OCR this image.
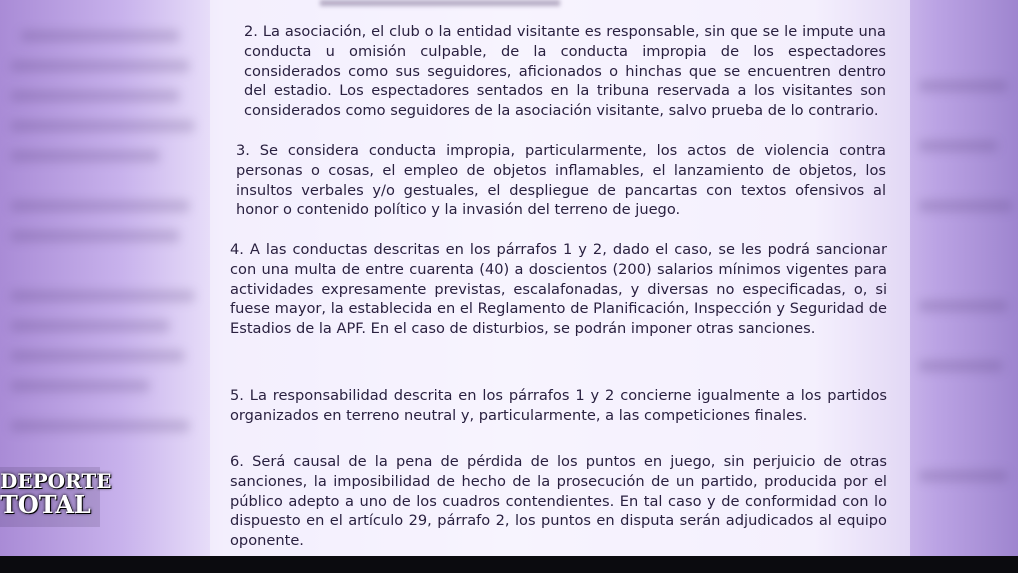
2. La asociación, el club o la entidad visitante es responsable, sin que se le impute una conducta u omisión culpable, de la conducta impropia de los espectadores considerados como sus seguidores, aficionados o hinchas que se encuentren dentro del estadio. Los espectadores sentados en la tribuna reservada a los visitantes son considerados como seguidores de la asociación visitante, salvo prueba de lo contrario.

3. Se considera conducta impropia, particularmente, los actos de violencia contra personas o cosas, el empleo de objetos inflamables, el lanzamiento de objetos, los insultos verbales y/o gestuales, el despliegue de pancartas con textos ofensivos al honor o contenido político y la invasión del terreno de juego.

4. A las conductas descritas en los párrafos 1 y 2, dado el caso, se les podrá sancionar con una multa de entre cuarenta (40) a doscientos (200) salarios mínimos vigentes para actividades expresamente previstas, escalafonadas, y diversas no especificadas, o, si fuese mayor, la establecida en el Reglamento de Planificación, Inspección y Seguridad de Estadios de la APF. En el caso de disturbios, se podrán imponer otras sanciones.

5. La responsabilidad descrita en los párrafos 1 y 2 concierne igualmente a los partidos organizados en terreno neutral y, particularmente, a las competiciones finales.

6. Será causal de la pena de pérdida de los puntos en juego, sin perjuicio de otras sanciones, la imposibilidad de hecho de la prosecución de un partido, producida por el público adepto a uno de los cuadros contendientes. En tal caso y de conformidad con lo dispuesto en el artículo 29, párrafo 2, los puntos en disputa serán adjudicados al equipo oponente.

DEPORTE
TOTAL
